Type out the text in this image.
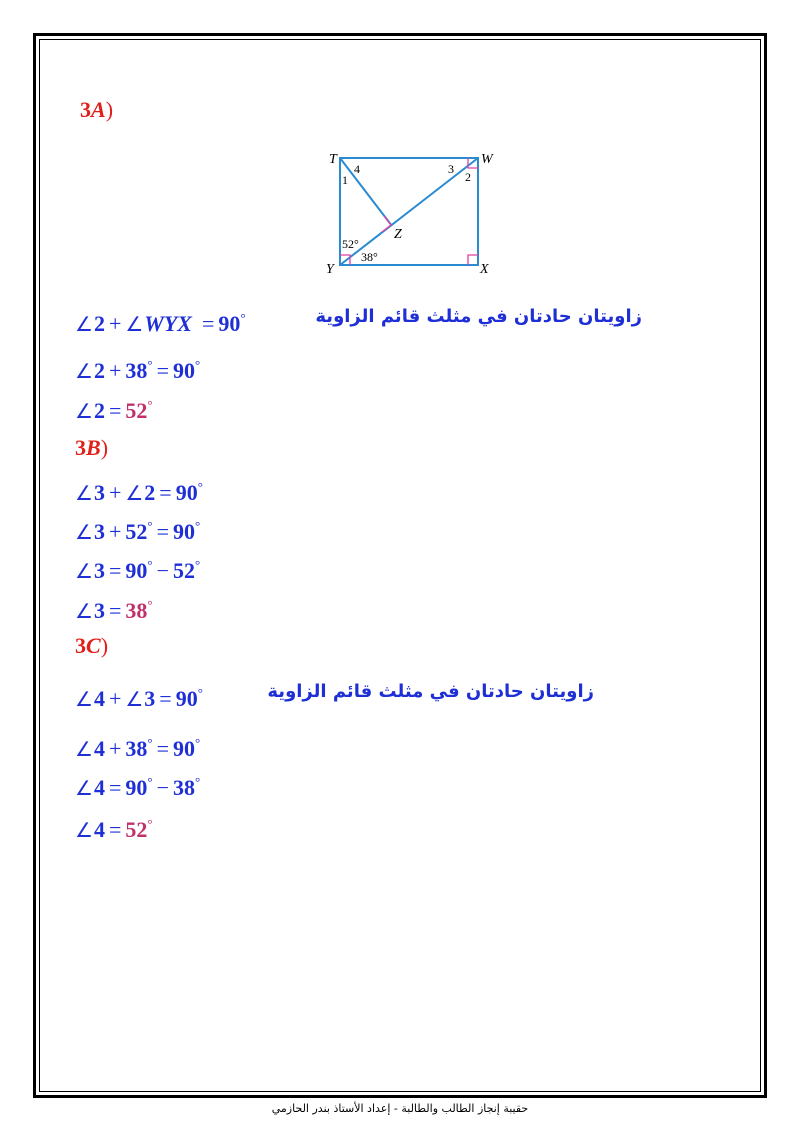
3A)
T	W
Y	X
Z
1
4	3
2
52°
38°
∠2 + ∠WYX = 90°	زاويتان حادتان في مثلث قائم الزاوية
∠2 + 38° = 90°
∠2 = 52°
3B)
∠3 + ∠2 = 90°
∠3 + 52° = 90°
∠3 = 90° − 52°
∠3 = 38°
3C)
∠4 + ∠3 = 90°	زاويتان حادتان في مثلث قائم الزاوية
∠4 + 38° = 90°
∠4 = 90° − 38°
∠4 = 52°
حقيبة إنجاز الطالب والطالبة - إعداد الأستاذ بندر الحازمي
